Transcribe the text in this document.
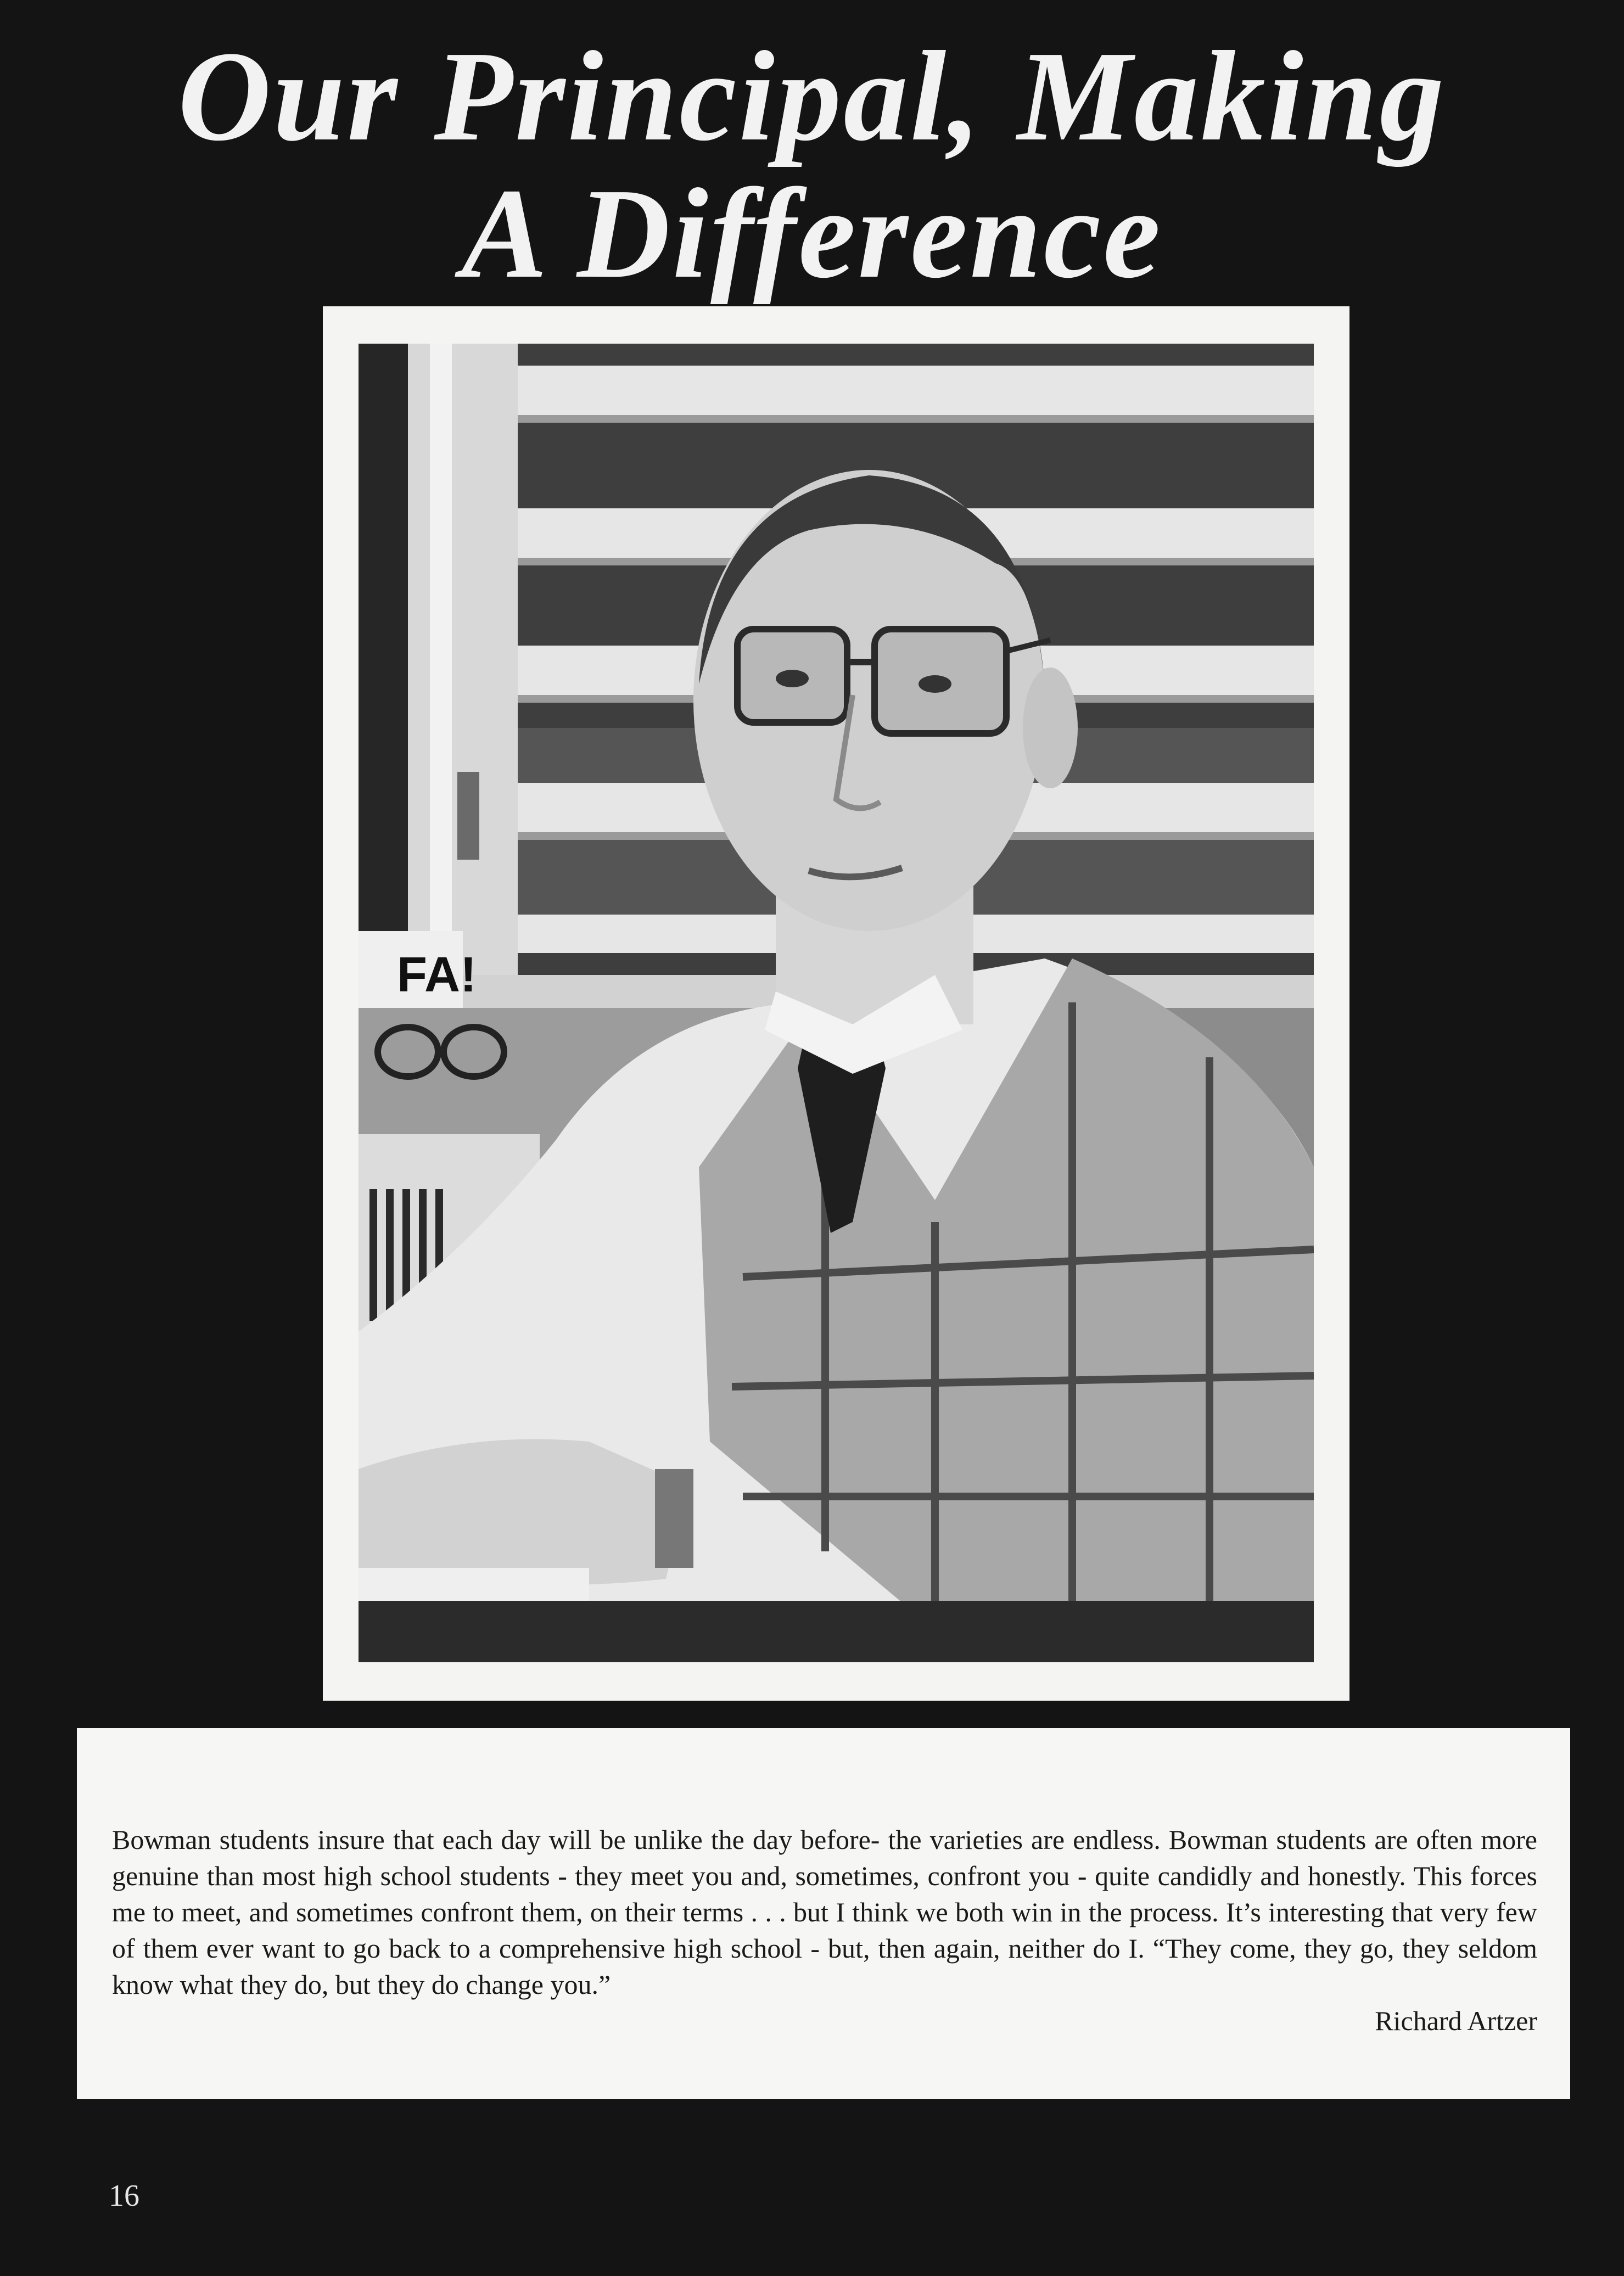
Our Principal, Making
A Difference
FA!
Bowman students insure that each day will be unlike the day before- the varieties are endless. Bowman students are often more genuine than most high school students - they meet you and, sometimes, confront you - quite candidly and honestly. This forces me to meet, and sometimes confront them, on their terms . . . but I think we both win in the process. It’s interesting that very few of them ever want to go back to a comprehensive high school - but, then again, neither do I. “They come, they go, they seldom know what they do, but they do change you.”
Richard Artzer
16
